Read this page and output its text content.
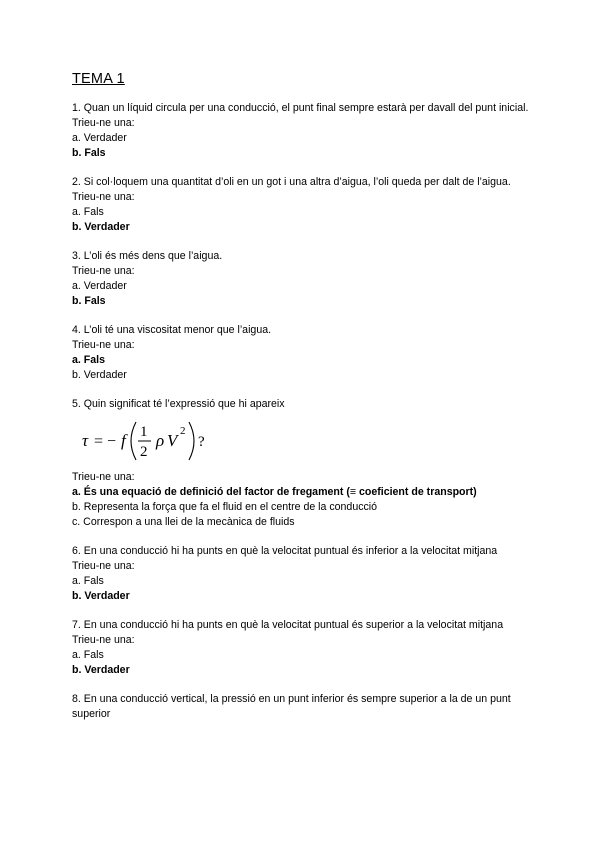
TEMA 1

1. Quan un líquid circula per una conducció, el punt final sempre estarà per davall del punt inicial.

Trieu-ne una:

a. Verdader

b. Fals

2. Si col·loquem una quantitat d’oli en un got i una altra d’aigua, l’oli queda per dalt de l’aigua.

Trieu-ne una:

a. Fals

b. Verdader

3. L’oli és més dens que l’aigua.

Trieu-ne una:

a. Verdader

b. Fals

4. L’oli té una viscositat menor que l’aigua.

Trieu-ne una:

a. Fals

b. Verdader

5. Quin significat té l’expressió que hi apareix

τ = − f 1
2
ρ V 2
?

Trieu-ne una:

a. És una equació de definició del factor de fregament (≡ coeficient de transport)

b. Representa la força que fa el fluid en el centre de la conducció

c. Correspon a una llei de la mecànica de fluids

6. En una conducció hi ha punts en què la velocitat puntual és inferior a la velocitat mitjana

Trieu-ne una:

a. Fals

b. Verdader

7. En una conducció hi ha punts en què la velocitat puntual és superior a la velocitat mitjana

Trieu-ne una:

a. Fals

b. Verdader

8. En una conducció vertical, la pressió en un punt inferior és sempre superior a la de un punt superior
